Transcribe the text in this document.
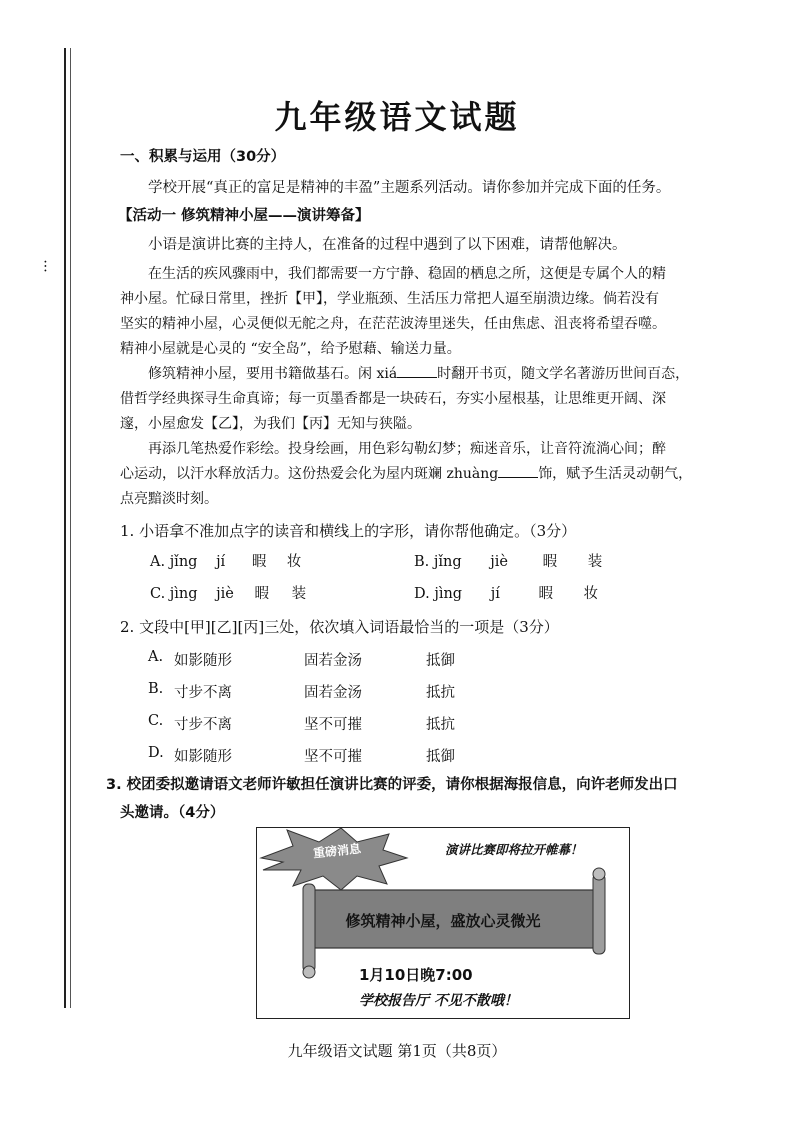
···
九年级语文试题
一、积累与运用（30分）
学校开展“真正的富足是精神的丰盈”主题系列活动。请你参加并完成下面的任务。
【活动一 修筑精神小屋——演讲筹备】
小语是演讲比赛的主持人，在准备的过程中遇到了以下困难，请帮他解决。
在生活的疾风骤雨中，我们都需要一方宁静、稳固的栖息之所，这便是专属个人的精
神小屋。忙碌日常里，挫折【甲】，学业瓶颈、生活压力常把人逼至崩溃边缘。倘若没有
坚实的精神小屋，心灵便似无舵之舟，在茫茫波涛里迷失，任由焦虑、沮丧将希望吞噬。
精神小屋就是心灵的 “安全岛”，给予慰藉、输送力量。
修筑精神小屋，要用书籍做基石。闲 xiá	时翻开书页，随文学名著游历世间百态，
借哲学经典探寻生命真谛；每一页墨香都是一块砖石，夯实小屋根基，让思维更开阔、深
邃，小屋愈发【乙】，为我们【丙】无知与狭隘。
再添几笔热爱作彩绘。投身绘画，用色彩勾勒幻梦；痴迷音乐，让音符流淌心间；醉
心运动，以汗水释放活力。这份热爱会化为屋内斑斓 zhuàng	饰，赋予生活灵动朝气，
点亮黯淡时刻。
1. 小语拿不准加点字的读音和横线上的字形，请你帮他确定。（3分）
A. jǐng jí 暇 妆	B. jǐng jiè 暇 装
C. jìng jiè 暇 装	D. jìng jí	暇 妆
2. 文段中[甲][乙][丙]三处，依次填入词语最恰当的一项是（3分）
A. 如影随形	固若金汤	抵御
B. 寸步不离	固若金汤	抵抗
C. 寸步不离	坚不可摧	抵抗
D. 如影随形	坚不可摧	抵御
3. 校团委拟邀请语文老师许敏担任演讲比赛的评委，请你根据海报信息，向许老师发出口
头邀请。（4分）
重磅消息	演讲比赛即将拉开帷幕！
修筑精神小屋，盛放心灵微光
1月10日晚7:00
学校报告厅 不见不散哦！
九年级语文试题 第1页（共8页）
